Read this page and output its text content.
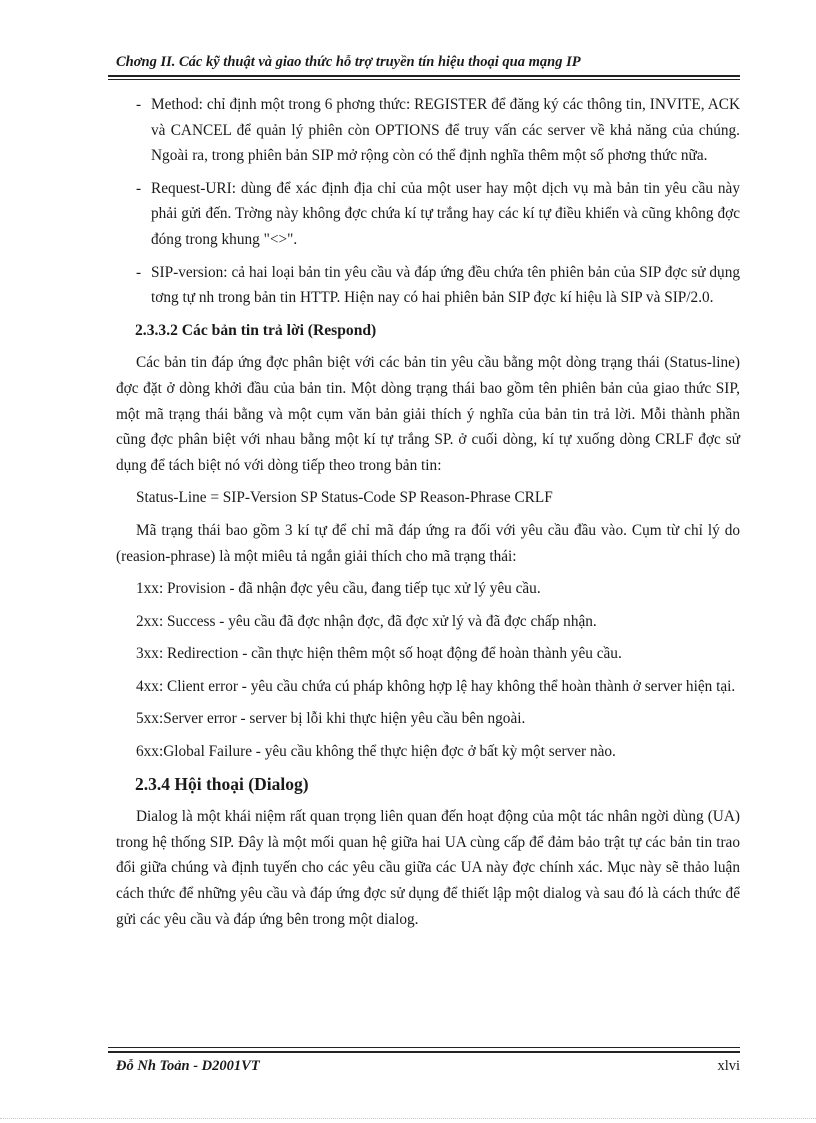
Chơng II. Các kỹ thuật và giao thức hỗ trợ truyền tín hiệu thoại qua mạng IP

- Method: chỉ định một trong 6 phơng thức: REGISTER để đăng ký các thông tin, INVITE, ACK và CANCEL để quản lý phiên còn OPTIONS để truy vấn các server về khả năng của chúng. Ngoài ra, trong phiên bản SIP mở rộng còn có thể định nghĩa thêm một số phơng thức nữa.

- Request-URI: dùng để xác định địa chỉ của một user hay một dịch vụ mà bản tin yêu cầu này phải gửi đến. Trờng này không đợc chứa kí tự trắng hay các kí tự điều khiển và cũng không đợc đóng trong khung "<>".

- SIP-version: cả hai loại bản tin yêu cầu và đáp ứng đều chứa tên phiên bản của SIP đợc sử dụng tơng tự nh trong bản tin HTTP. Hiện nay có hai phiên bản SIP đợc kí hiệu là SIP và SIP/2.0.

2.3.3.2 Các bản tin trả lời (Respond)

Các bản tin đáp ứng đợc phân biệt với các bản tin yêu cầu bằng một dòng trạng thái (Status-line) đợc đặt ở dòng khởi đầu của bản tin. Một dòng trạng thái bao gồm tên phiên bản của giao thức SIP, một mã trạng thái bằng và một cụm văn bản giải thích ý nghĩa của bản tin trả lời. Mỗi thành phần cũng đợc phân biệt với nhau bằng một kí tự trắng SP. ở cuối dòng, kí tự xuống dòng CRLF đợc sử dụng để tách biệt nó với dòng tiếp theo trong bản tin:

Status-Line = SIP-Version SP Status-Code SP Reason-Phrase CRLF

Mã trạng thái bao gồm 3 kí tự để chỉ mã đáp ứng ra đối với yêu cầu đầu vào. Cụm từ chỉ lý do (reasion-phrase) là một miêu tả ngắn giải thích cho mã trạng thái:

1xx: Provision - đã nhận đợc yêu cầu, đang tiếp tục xử lý yêu cầu.

2xx: Success - yêu cầu đã đợc nhận đợc, đã đợc xử lý và đã đợc chấp nhận.

3xx: Redirection - cần thực hiện thêm một số hoạt động để hoàn thành yêu cầu.

4xx: Client error - yêu cầu chứa cú pháp không hợp lệ hay không thể hoàn thành ở server hiện tại.

5xx:Server error - server bị lỗi khi thực hiện yêu cầu bên ngoài.

6xx:Global Failure - yêu cầu không thể thực hiện đợc ở bất kỳ một server nào.

2.3.4 Hội thoại (Dialog)

Dialog là một khái niệm rất quan trọng liên quan đến hoạt động của một tác nhân ngời dùng (UA) trong hệ thống SIP. Đây là một mối quan hệ giữa hai UA cùng cấp để đảm bảo trật tự các bản tin trao đổi giữa chúng và định tuyến cho các yêu cầu giữa các UA này đợc chính xác. Mục này sẽ thảo luận cách thức để những yêu cầu và đáp ứng đợc sử dụng để thiết lập một dialog và sau đó là cách thức để gửi các yêu cầu và đáp ứng bên trong một dialog.

Đỗ Nh Toản - D2001VT	xlvi
